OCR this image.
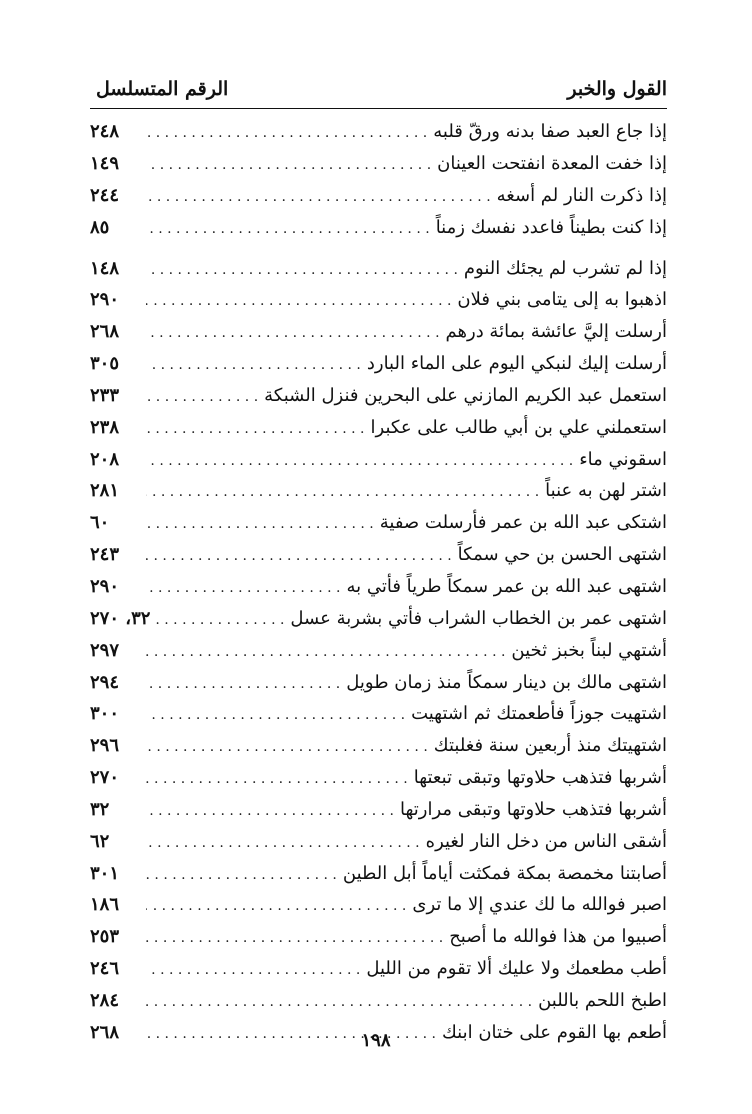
القول والخبر
الرقم المتسلسل
إذا جاع العبد صفا بدنه ورقّ قلبه
. . .
٢٤٨
إذا خفت المعدة انفتحت العينان
. . .
١٤٩
إذا ذكرت النار لم أسغه
. . .
٢٤٤
إذا كنت بطيناً فاعدد نفسك زمناً
. . .
٨٥
إذا لم تشرب لم يجئك النوم
. . .
١٤٨
اذهبوا به إلى يتامى بني فلان
. . .
٢٩٠
أرسلت إليَّ عائشة بمائة درهم
. . .
٢٦٨
أرسلت إليك لنبكي اليوم على الماء البارد
. . .
٣٠٥
استعمل عبد الكريم المازني على البحرين فنزل الشبكة
. . .
٢٣٣
استعملني علي بن أبي طالب على عكبرا
. . .
٢٣٨
اسقوني ماء
. . .
٢٠٨
اشتر لهن به عنباً
. . .
٢٨١
اشتكى عبد الله بن عمر فأرسلت صفية
. . .
٦٠
اشتهى الحسن بن حي سمكاً
. . .
٢٤٣
اشتهى عبد الله بن عمر سمكاً طرياً فأتي به
. . .
٢٩٠
اشتهى عمر بن الخطاب الشراب فأتي بشربة عسل
. . .
٣٢، ٢٧٠
أشتهي لبناً بخبز ثخين
. . .
٢٩٧
اشتهى مالك بن دينار سمكاً منذ زمان طويل
. . .
٢٩٤
اشتهيت جوزاً فأطعمتك ثم اشتهيت
. . .
٣٠٠
اشتهيتك منذ أربعين سنة فغلبتك
. . .
٢٩٦
أشربها فتذهب حلاوتها وتبقى تبعتها
. . .
٢٧٠
أشربها فتذهب حلاوتها وتبقى مرارتها
. . .
٣٢
أشقى الناس من دخل النار لغيره
. . .
٦٢
أصابتنا مخمصة بمكة فمكثت أياماً أبل الطين
. . .
٣٠١
اصبر فوالله ما لك عندي إلا ما ترى
. . .
١٨٦
أصبيوا من هذا فوالله ما أصبح
. . .
٢٥٣
أطب مطعمك ولا عليك ألا تقوم من الليل
. . .
٢٤٦
اطبخ اللحم باللبن
. . .
٢٨٤
أطعم بها القوم على ختان ابنك
. . .
٢٦٨	١٩٨
